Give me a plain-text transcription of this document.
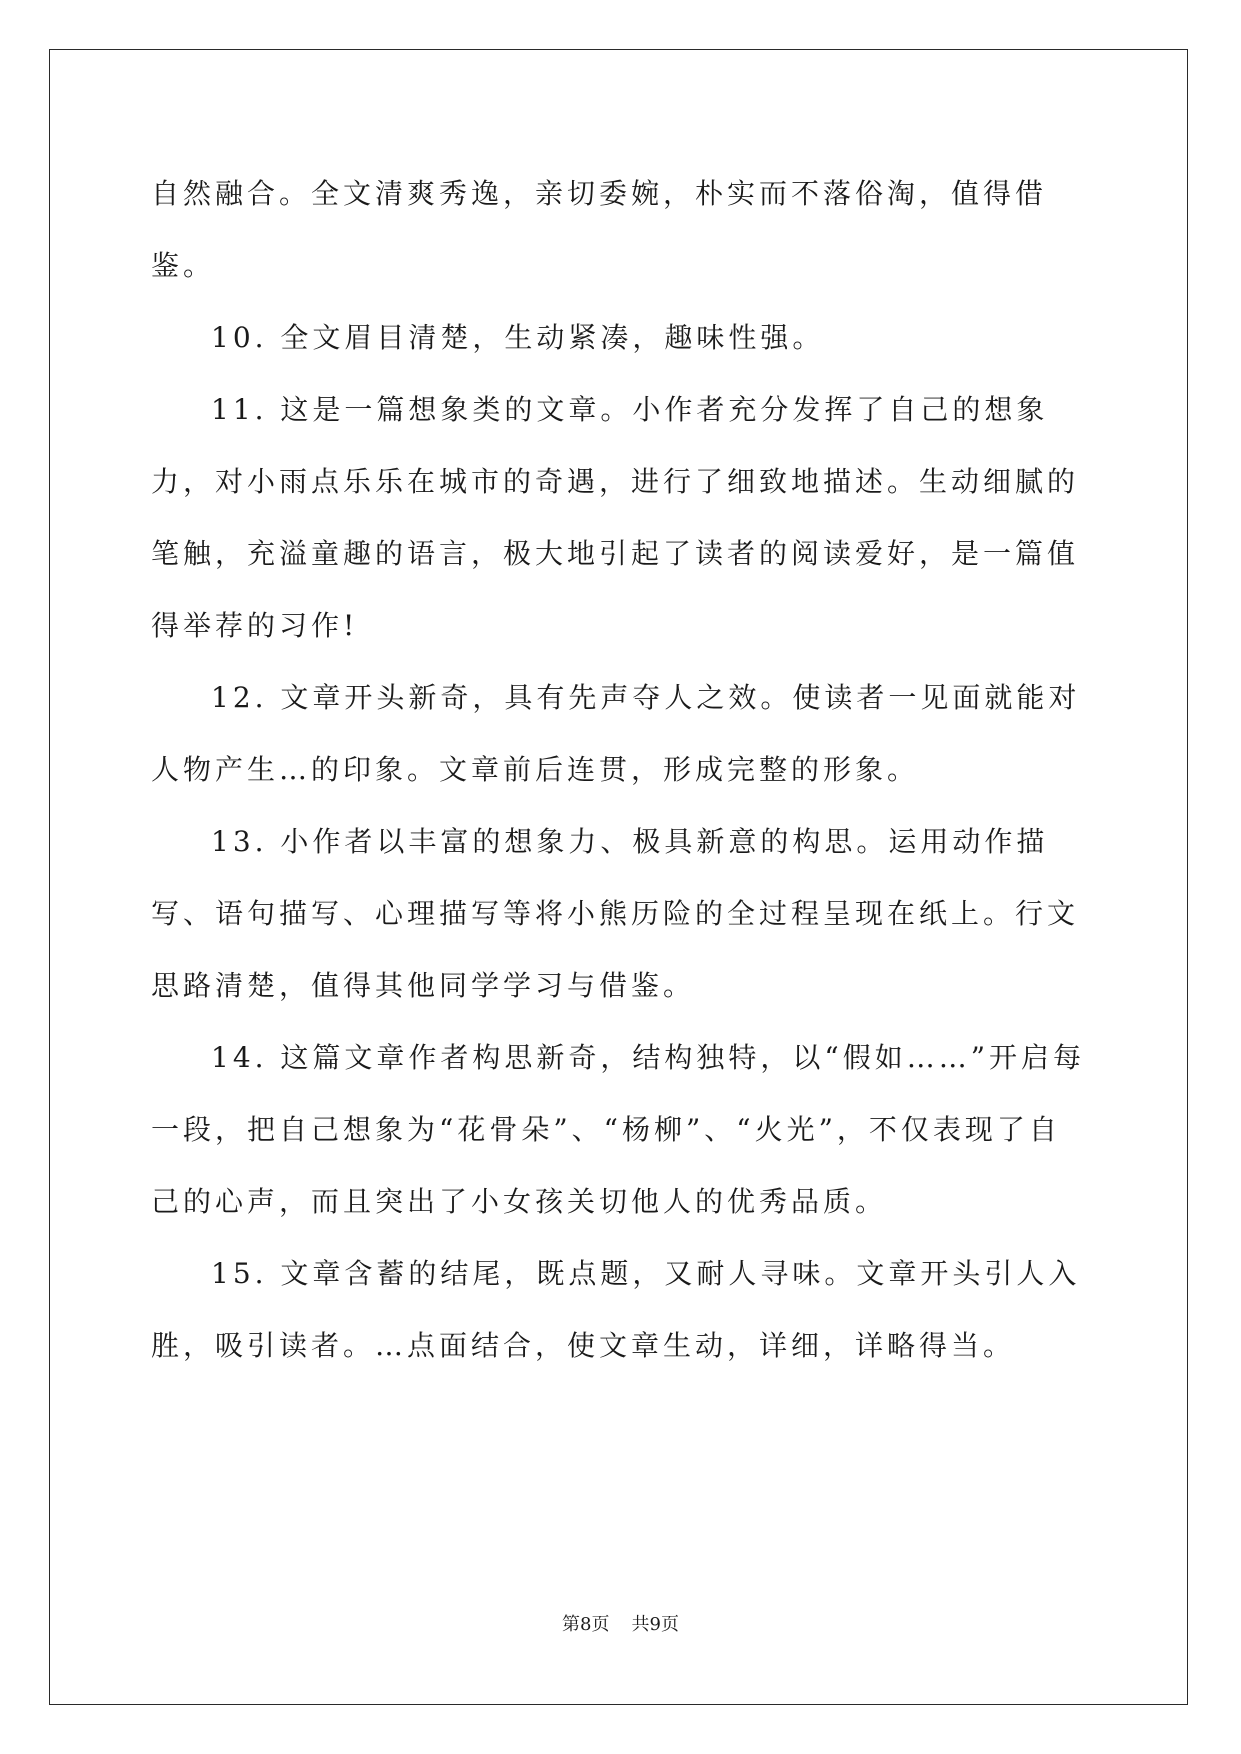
自然融合。全文清爽秀逸，亲切委婉，朴实而不落俗淘，值得借鉴。

10. 全文眉目清楚，生动紧凑，趣味性强。

11. 这是一篇想象类的文章。小作者充分发挥了自己的想象力，对小雨点乐乐在城市的奇遇，进行了细致地描述。生动细腻的笔触，充溢童趣的语言，极大地引起了读者的阅读爱好，是一篇值得举荐的习作!

12. 文章开头新奇，具有先声夺人之效。使读者一见面就能对人物产生…的印象。文章前后连贯，形成完整的形象。

13. 小作者以丰富的想象力、极具新意的构思。运用动作描写、语句描写、心理描写等将小熊历险的全过程呈现在纸上。行文思路清楚，值得其他同学学习与借鉴。

14. 这篇文章作者构思新奇，结构独特，以“假如……”开启每一段，把自己想象为“花骨朵”、“杨柳”、“火光”，不仅表现了自己的心声，而且突出了小女孩关切他人的优秀品质。

15. 文章含蓄的结尾，既点题，又耐人寻味。文章开头引人入胜，吸引读者。…点面结合，使文章生动，详细，详略得当。

第8页 共9页
